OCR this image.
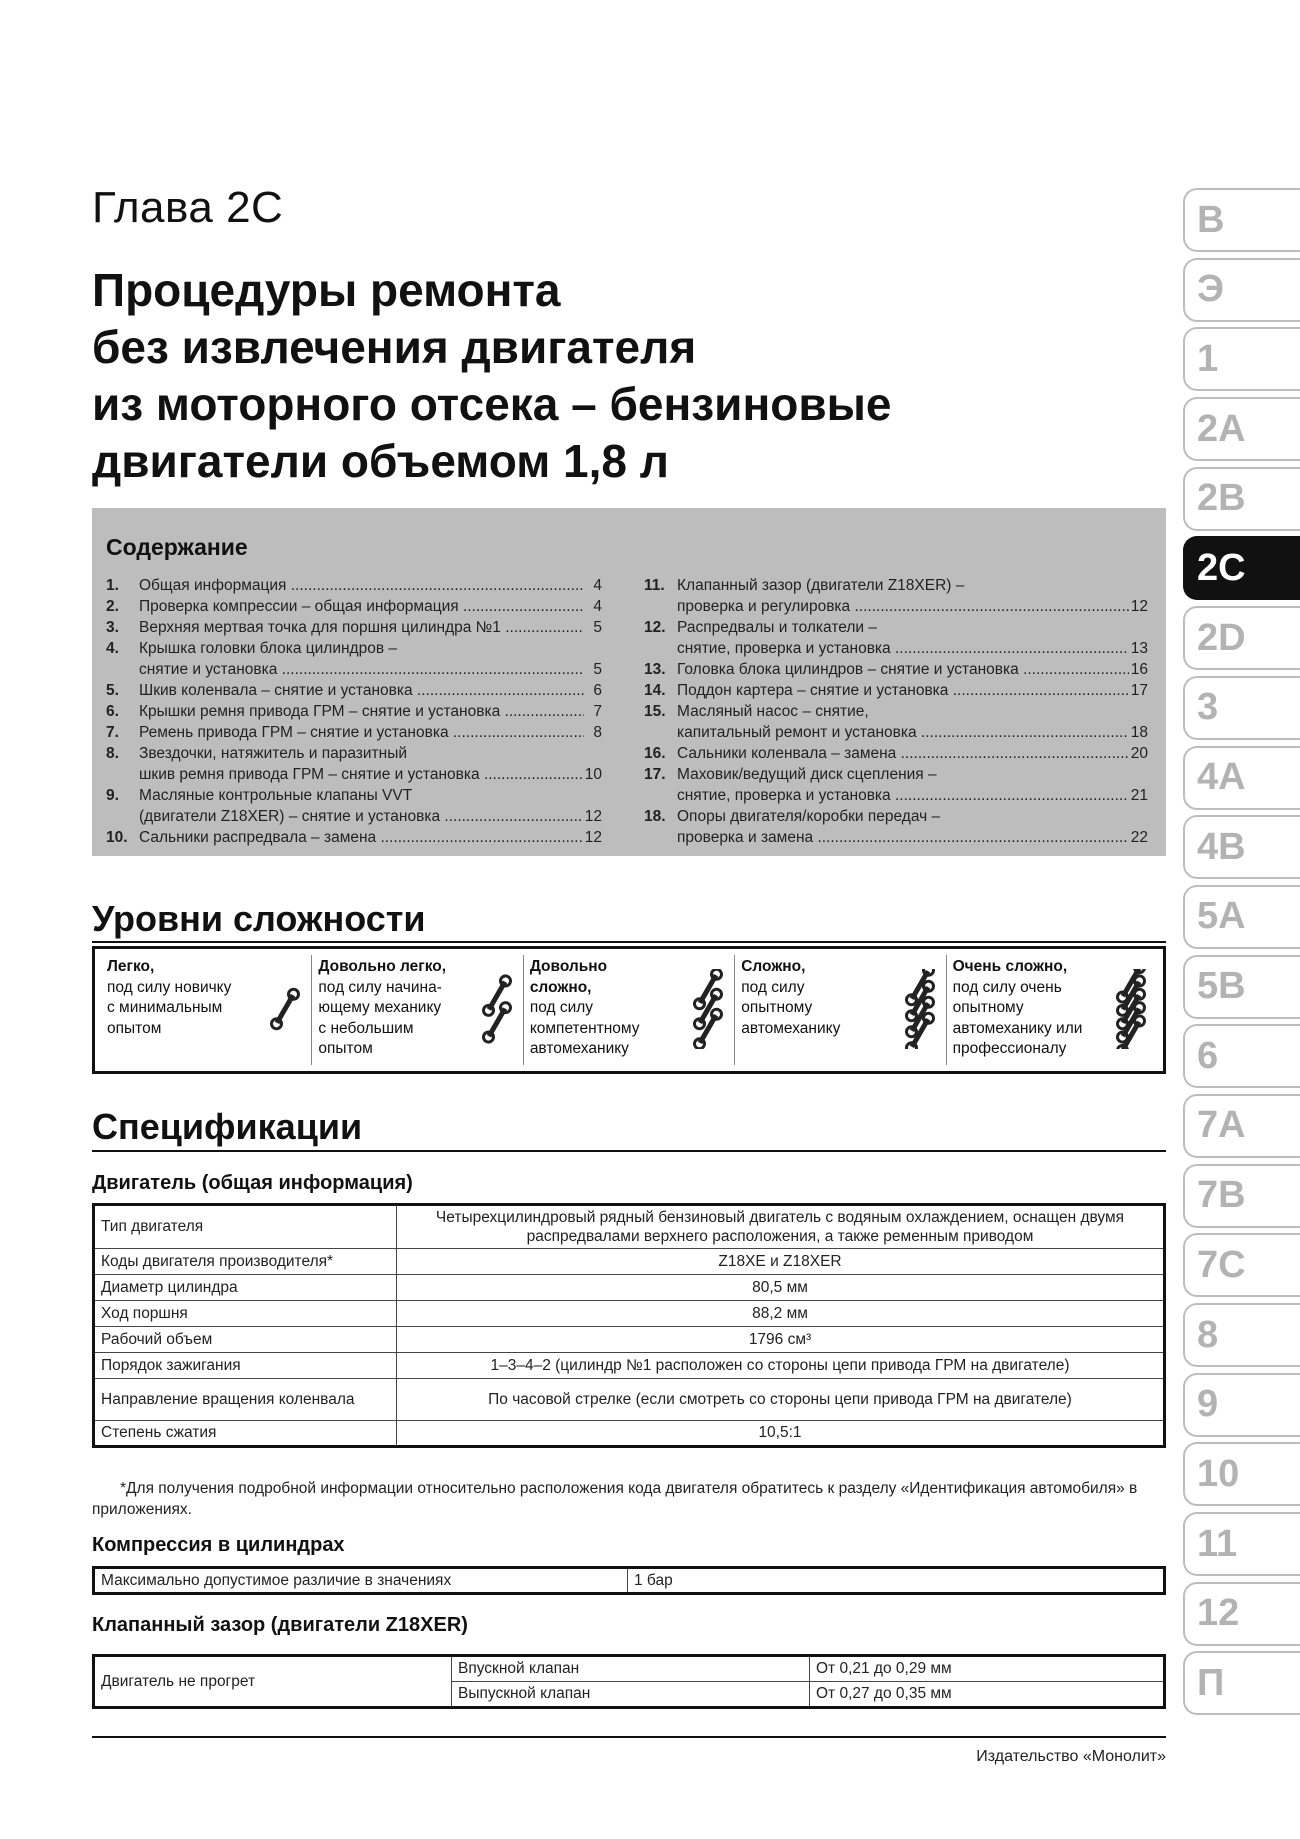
Глава 2C
Процедуры ремонта
без извлечения двигателя
из моторного отсека – бензиновые
двигатели объемом 1,8 л
B
Э
1
2A
2B
2C
2D
3
4A
4B
5A
5B
6
7A
7B
7C
8
9
10
11
12
П
Содержание
1.	Общая информация .....	4
2.	Проверка компрессии – общая информация .....	4
3.	Верхняя мертвая точка для поршня цилиндра №1 .....	5
4.	Крышка головки блока цилиндров –
снятие и установка .....	5
5.	Шкив коленвала – снятие и установка .....	6
6.	Крышки ремня привода ГРМ – снятие и установка .....	7
7.	Ремень привода ГРМ – снятие и установка .....	8
8.	Звездочки, натяжитель и паразитный
шкив ремня привода ГРМ – снятие и установка .....	10
9.	Масляные контрольные клапаны VVT
(двигатели Z18XER) – снятие и установка .....	12
10. Сальники распредвала – замена .....	12
11. Клапанный зазор (двигатели Z18XER) –
проверка и регулировка .....	12
12. Распредвалы и толкатели –
снятие, проверка и установка .....	13
13. Головка блока цилиндров – снятие и установка .....	16
14. Поддон картера – снятие и установка .....	17
15. Масляный насос – снятие,
капитальный ремонт и установка .....	18
16. Сальники коленвала – замена .....	20
17. Маховик/ведущий диск сцепления –
снятие, проверка и установка .....	21
18. Опоры двигателя/коробки передач –
проверка и замена .....	22
Уровни сложности
Легко,
под силу новичку
с минимальным
опытом
Довольно легко,
под силу начина-
ющему механику
с небольшим
опытом
Довольно
сложно,
под силу
компетентному
автомеханику
Сложно,
под силу
опытному
автомеханику
Очень сложно,
под силу очень
опытному
автомеханику или
профессионалу
Спецификации
Двигатель (общая информация)
Тип двигателя	Четырехцилиндровый рядный бензиновый двигатель с водяным охлаждением, оснащен двумя распредвалами верхнего расположения, а также ременным приводом
Коды двигателя производителя*	Z18XE и Z18XER
Диаметр цилиндра	80,5 мм
Ход поршня	88,2 мм
Рабочий объем	1796 см³
Порядок зажигания	1–3–4–2 (цилиндр №1 расположен со стороны цепи привода ГРМ на двигателе)
Направление вращения коленвала	По часовой стрелке (если смотреть со стороны цепи привода ГРМ на двигателе)
Степень сжатия	10,5:1
*Для получения подробной информации относительно расположения кода двигателя обратитесь к разделу «Идентификация автомобиля» в приложениях.
Компрессия в цилиндрах
Максимально допустимое различие в значениях	1 бар
Клапанный зазор (двигатели Z18XER)
Двигатель не прогрет	Впускной клапан	От 0,21 до 0,29 мм
	Выпускной клапан	От 0,27 до 0,35 мм
Издательство «Монолит»
